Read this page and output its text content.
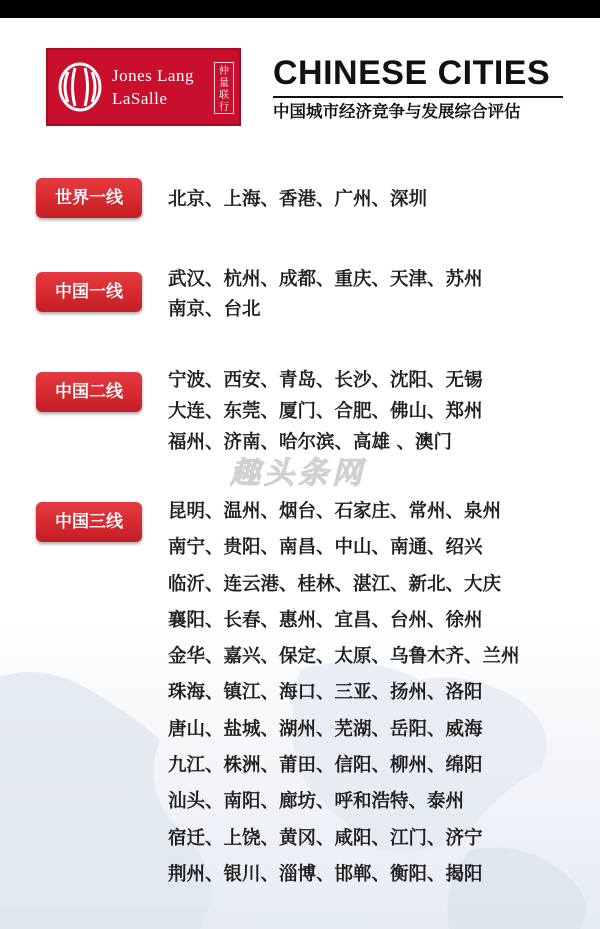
Jones Lang
LaSalle
仲量联行
CHINESE CITIES
中国城市经济竞争与发展综合评估
世界一线	北京、上海、香港、广州、深圳
中国一线
武汉、杭州、成都、重庆、天津、苏州
南京、台北
中国二线
宁波、西安、青岛、长沙、沈阳、无锡
大连、东莞、厦门、合肥、佛山、郑州
福州、济南、哈尔滨、高雄 、澳门
趣头条网
中国三线	昆明、温州、烟台、石家庄、常州、泉州
南宁、贵阳、南昌、中山、南通、绍兴
临沂、连云港、桂林、湛江、新北、大庆
襄阳、长春、惠州、宜昌、台州、徐州
金华、嘉兴、保定、太原、乌鲁木齐、兰州
珠海、镇江、海口、三亚、扬州、洛阳
唐山、盐城、湖州、芜湖、岳阳、威海
九江、株洲、莆田、信阳、柳州、绵阳
汕头、南阳、廊坊、呼和浩特、泰州
宿迁、上饶、黄冈、咸阳、江门、济宁
荆州、银川、淄博、邯郸、衡阳、揭阳
